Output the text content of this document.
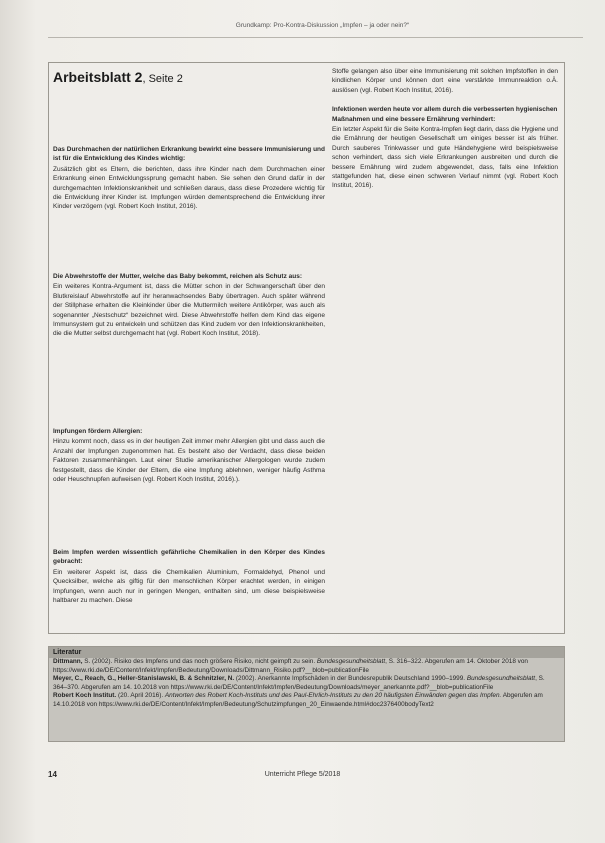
Grundkamp: Pro-Kontra-Diskussion „Impfen – ja oder nein?“
Arbeitsblatt 2, Seite 2
Das Durchmachen der natürlichen Erkrankung bewirkt eine bessere Immunisierung und ist für die Entwicklung des Kindes wichtig:

Zusätzlich gibt es Eltern, die berichten, dass ihre Kinder nach dem Durchmachen einer Erkrankung einen Entwicklungssprung gemacht haben. Sie sehen den Grund dafür in der durchgemachten Infektionskrankheit und schließen daraus, dass diese Prozedere wichtig für die Entwicklung ihrer Kinder ist. Impfungen würden dementsprechend die Entwicklung ihrer Kinder verzögern (vgl. Robert Koch Institut, 2016).

Die Abwehrstoffe der Mutter, welche das Baby bekommt, reichen als Schutz aus:

Ein weiteres Kontra-Argument ist, dass die Mütter schon in der Schwangerschaft über den Blutkreislauf Abwehrstoffe auf ihr heranwachsendes Baby übertragen. Auch später während der Stillphase erhalten die Kleinkinder über die Muttermilch weitere Antikörper, was auch als sogenannter „Nestschutz“ bezeichnet wird. Diese Abwehrstoffe helfen dem Kind das eigene Immunsystem gut zu entwickeln und schützen das Kind zudem vor den Infektionskrankheiten, die die Mutter selbst durchgemacht hat (vgl. Robert Koch Institut, 2018).

Impfungen fördern Allergien:

Hinzu kommt noch, dass es in der heutigen Zeit immer mehr Allergien gibt und dass auch die Anzahl der Impfungen zugenommen hat. Es besteht also der Verdacht, dass diese beiden Faktoren zusammenhängen. Laut einer Studie amerikanischer Allergologen wurde zudem festgestellt, dass die Kinder der Eltern, die eine Impfung ablehnen, weniger häufig Asthma oder Heuschnupfen aufweisen (vgl. Robert Koch Institut, 2016).).

Beim Impfen werden wissentlich gefährliche Chemikalien in den Körper des Kindes gebracht:

Ein weiterer Aspekt ist, dass die Chemikalien Aluminium, Formaldehyd, Phenol und Quecksilber, welche als giftig für den menschlichen Körper erachtet werden, in einigen Impfungen, wenn auch nur in geringen Mengen, enthalten sind, um diese beispielsweise haltbarer zu machen. Diese

Stoffe gelangen also über eine Immunisierung mit solchen Impfstoffen in den kindlichen Körper und können dort eine verstärkte Immunreaktion o.Ä. auslösen (vgl. Robert Koch Institut, 2016).

Infektionen werden heute vor allem durch die verbesserten hygienischen Maßnahmen und eine bessere Ernährung verhindert:

Ein letzter Aspekt für die Seite Kontra-Impfen liegt darin, dass die Hygiene und die Ernährung der heutigen Gesellschaft um einiges besser ist als früher. Durch sauberes Trinkwasser und gute Händehygiene wird beispielsweise schon verhindert, dass sich viele Erkrankungen ausbreiten und durch die bessere Ernährung wird zudem abgewendet, dass, falls eine Infektion stattgefunden hat, diese einen schweren Verlauf nimmt (vgl. Robert Koch Institut, 2016).

Literatur
Dittmann, S. (2002). Risiko des Impfens und das noch größere Risiko, nicht geimpft zu sein. Bundesgesundheitsblatt, S. 316–322. Abgerufen am 14. Oktober 2018 von https://www.rki.de/DE/Content/Infekt/Impfen/Bedeutung/Downloads/Dittmann_Risiko.pdf?__blob=publicationFile
Meyer, C., Reach, G., Heller-Stanislawski, B. & Schnitzler, N. (2002). Anerkannte Impfschäden in der Bundesrepublik Deutschland 1990–1999. Bundesgesundheitsblatt, S. 364–370. Abgerufen am 14. 10.2018 von https://www.rki.de/DE/Content/Infekt/Impfen/Bedeutung/Downloads/meyer_anerkannte.pdf?__blob=publicationFile
Robert Koch Institut. (20. April 2016). Antworten des Robert Koch-Instituts und des Paul-Ehrlich-Instituts zu den 20 häufigsten Einwänden gegen das Impfen. Abgerufen am 14.10.2018 von https://www.rki.de/DE/Content/Infekt/Impfen/Bedeutung/Schutzimpfungen_20_Einwaende.html#doc2376400bodyText2
14	Unterricht Pflege 5/2018
